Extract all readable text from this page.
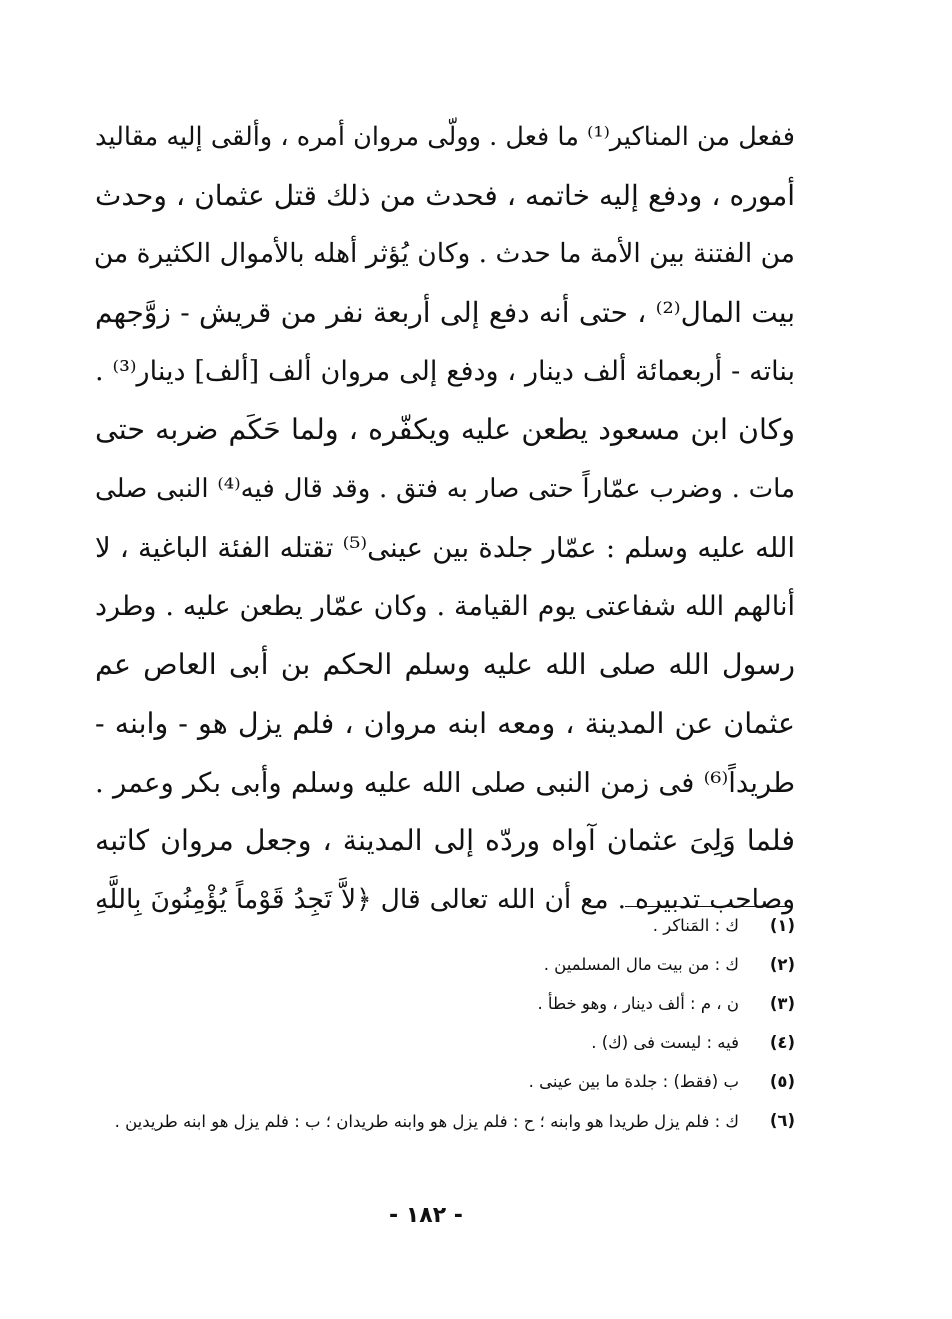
ففعل من المناكير⁽¹⁾ ما فعل . وولّى مروان أمره ، وألقى إليه مقاليد
أموره ، ودفع إليه خاتمه ، فحدث من ذلك قتل عثمان ، وحدث
من الفتنة بين الأمة ما حدث . وكان يُؤثر أهله بالأموال الكثيرة من
بيت المال⁽²⁾ ، حتى أنه دفع إلى أربعة نفر من قريش - زوَّجهم
بناته - أربعمائة ألف دينار ، ودفع إلى مروان ألف [ألف] دينار⁽³⁾ .
وكان ابن مسعود يطعن عليه ويكفّره ، ولما حَكَم ضربه حتى
مات . وضرب عمّاراً حتى صار به فتق . وقد قال فيه⁽⁴⁾ النبى صلى
الله عليه وسلم : عمّار جلدة بين عينى⁽⁵⁾ تقتله الفئة الباغية ، لا
أنالهم الله شفاعتى يوم القيامة . وكان عمّار يطعن عليه . وطرد
رسول الله صلى الله عليه وسلم الحكم بن أبى العاص عم
عثمان عن المدينة ، ومعه ابنه مروان ، فلم يزل هو - وابنه -
طريداً⁽⁶⁾ فى زمن النبى صلى الله عليه وسلم وأبى بكر وعمر .
فلما وَلِىَ عثمان آواه وردّه إلى المدينة ، وجعل مروان كاتبه
وصاحب تدبيره . مع أن الله تعالى قال ﴿لاَّ تَجِدُ قَوْماً يُؤْمِنُونَ بِاللَّهِ
(١)
ك : المَناكر .
(٢)
ك : من بيت مال المسلمين .
(٣)
ن ، م : ألف دينار ، وهو خطأ .
(٤)
فيه : ليست فى (ك) .
(٥)
ب (فقط) : جلدة ما بين عينى .
(٦)
ك : فلم يزل طريدا هو وابنه ؛ ح : فلم يزل هو وابنه طريدان ؛ ب : فلم يزل هو ابنه طريدين .
- ١٨٢ -
